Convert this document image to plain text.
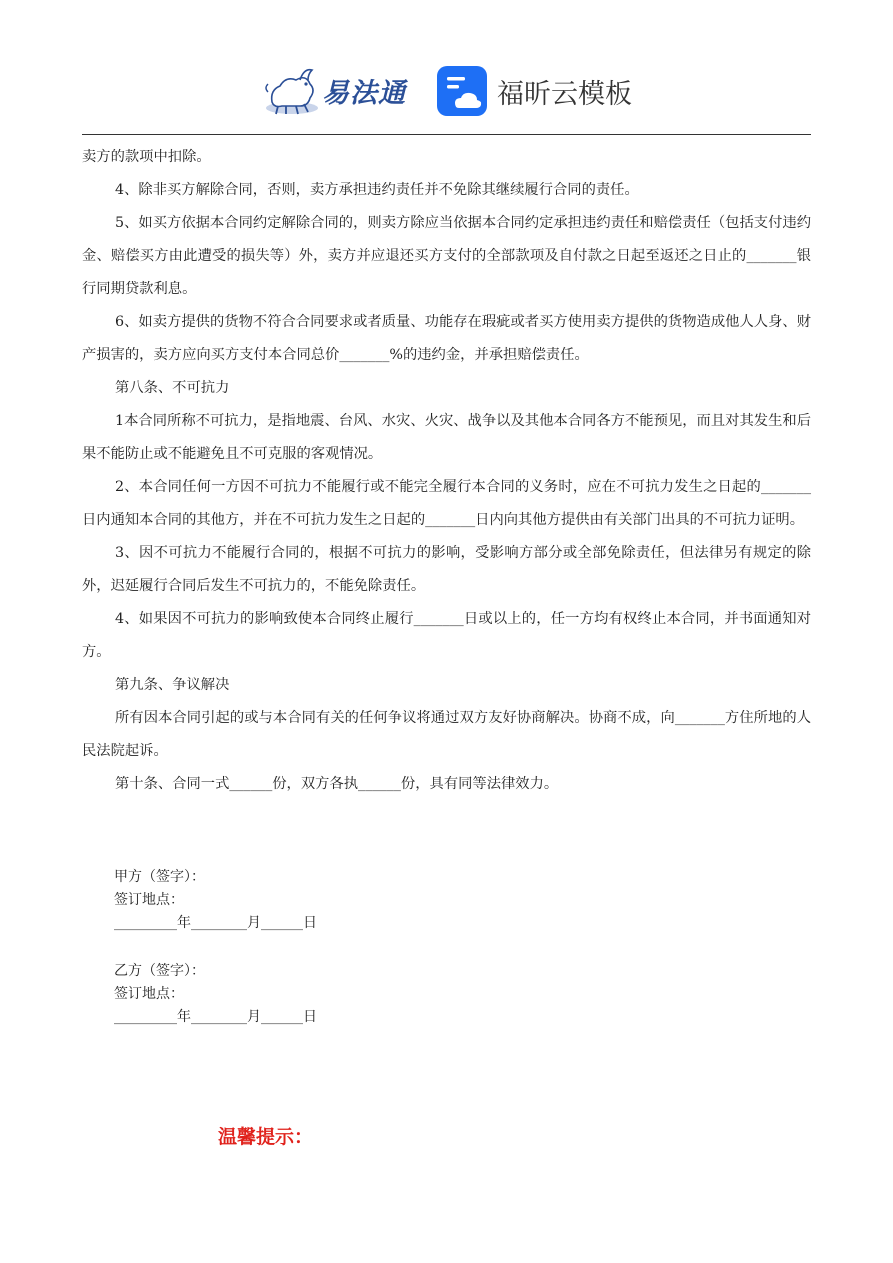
易法通	福昕云模板

卖方的款项中扣除。

4、除非买方解除合同，否则，卖方承担违约责任并不免除其继续履行合同的责任。

5、如买方依据本合同约定解除合同的，则卖方除应当依据本合同约定承担违约责任和赔偿责任（包括支付违约金、赔偿买方由此遭受的损失等）外，卖方并应退还买方支付的全部款项及自付款之日起至返还之日止的_______银行同期贷款利息。

6、如卖方提供的货物不符合合同要求或者质量、功能存在瑕疵或者买方使用卖方提供的货物造成他人人身、财产损害的，卖方应向买方支付本合同总价_______%的违约金，并承担赔偿责任。

第八条、不可抗力

1本合同所称不可抗力，是指地震、台风、水灾、火灾、战争以及其他本合同各方不能预见，而且对其发生和后果不能防止或不能避免且不可克服的客观情况。

2、本合同任何一方因不可抗力不能履行或不能完全履行本合同的义务时，应在不可抗力发生之日起的_______日内通知本合同的其他方，并在不可抗力发生之日起的_______日内向其他方提供由有关部门出具的不可抗力证明。

3、因不可抗力不能履行合同的，根据不可抗力的影响，受影响方部分或全部免除责任，但法律另有规定的除外，迟延履行合同后发生不可抗力的，不能免除责任。

4、如果因不可抗力的影响致使本合同终止履行_______日或以上的，任一方均有权终止本合同，并书面通知对方。

第九条、争议解决

所有因本合同引起的或与本合同有关的任何争议将通过双方友好协商解决。协商不成，向_______方住所地的人民法院起诉。

第十条、合同一式______份，双方各执______份，具有同等法律效力。

甲方（签字）：
签订地点：
_________年________月______日
乙方（签字）：
签订地点：
_________年________月______日
温馨提示：
